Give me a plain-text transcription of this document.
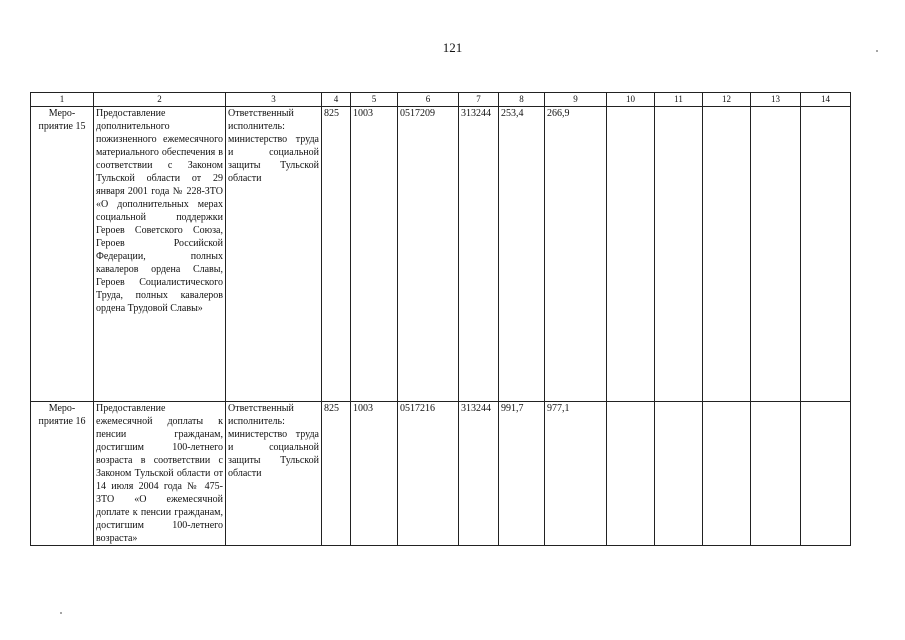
121
1	2	3	4	5	6	7	8	9	10	11	12	13	14

Меро-
приятие 15	Предоставление дополнительного пожизненного ежемесячного материального обеспечения в соответствии с Законом Тульской области от 29 января 2001 года № 228-ЗТО «О дополнительных мерах социальной поддержки Героев Советского Союза, Героев Российской Федерации, полных кавалеров ордена Славы, Героев Социалистического Труда, полных кавалеров ордена Трудовой Славы»	Ответственный исполнитель: министерство труда и социальной защиты Тульской области	825	1003	0517209	313244	253,4	266,9					

Меро-
приятие 16	Предоставление ежемесячной доплаты к пенсии гражданам, достигшим 100-летнего возраста в соответствии с Законом Тульской области от 14 июля 2004 года № 475-ЗТО «О ежемесячной доплате к пенсии гражданам, достигшим 100-летнего возраста»	Ответственный исполнитель: министерство труда и социальной защиты Тульской области	825	1003	0517216	313244	991,7	977,1					
